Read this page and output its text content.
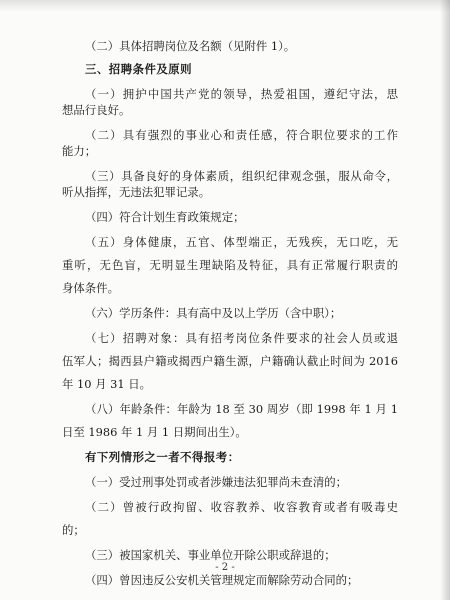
（二）具体招聘岗位及名额（见附件 1）。
三、招聘条件及原则
（一）拥护中国共产党的领导，热爱祖国，遵纪守法，思
想品行良好。
（二）具有强烈的事业心和责任感，符合职位要求的工作
能力；
（三）具备良好的身体素质，组织纪律观念强，服从命令，
听从指挥，无违法犯罪记录。
（四）符合计划生育政策规定；
（五）身体健康，五官、体型端正，无残疾，无口吃，无
重听，无色盲，无明显生理缺陷及特征，具有正常履行职责的
身体条件。
（六）学历条件：具有高中及以上学历（含中职）；
（七）招聘对象：具有招考岗位条件要求的社会人员或退
伍军人；揭西县户籍或揭西户籍生源，户籍确认截止时间为 2016
年 10 月 31 日。
（八）年龄条件：年龄为 18 至 30 周岁（即 1998 年 1 月 1
日至 1986 年 1 月 1 日期间出生）。
有下列情形之一者不得报考：
（一）受过刑事处罚或者涉嫌违法犯罪尚未查清的；
（二）曾被行政拘留、收容教养、收容教育或者有吸毒史
的；
（三）被国家机关、事业单位开除公职或辞退的；
（四）曾因违反公安机关管理规定而解除劳动合同的；
- 2 -
